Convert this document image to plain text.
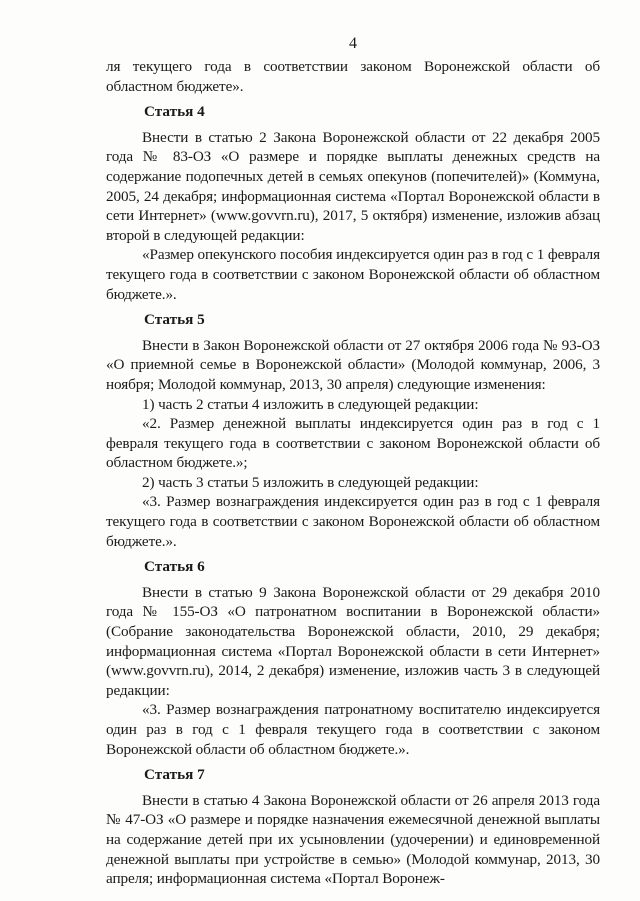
4

ля текущего года в соответствии законом Воронежской области об областном бюджете».

Статья 4

Внести в статью 2 Закона Воронежской области от 22 декабря 2005 года № 83-ОЗ «О размере и порядке выплаты денежных средств на содержание подопечных детей в семьях опекунов (попечителей)» (Коммуна, 2005, 24 декабря; информационная система «Портал Воронежской области в сети Интернет» (www.govvrn.ru), 2017, 5 октября) изменение, изложив абзац второй в следующей редакции:

«Размер опекунского пособия индексируется один раз в год с 1 февраля текущего года в соответствии с законом Воронежской области об областном бюджете.».

Статья 5

Внести в Закон Воронежской области от 27 октября 2006 года № 93-ОЗ «О приемной семье в Воронежской области» (Молодой коммунар, 2006, 3 ноября; Молодой коммунар, 2013, 30 апреля) следующие изменения:

1) часть 2 статьи 4 изложить в следующей редакции:

«2. Размер денежной выплаты индексируется один раз в год с 1 февраля текущего года в соответствии с законом Воронежской области об областном бюджете.»;

2) часть 3 статьи 5 изложить в следующей редакции:

«3. Размер вознаграждения индексируется один раз в год с 1 февраля текущего года в соответствии с законом Воронежской области об областном бюджете.».

Статья 6

Внести в статью 9 Закона Воронежской области от 29 декабря 2010 года № 155-ОЗ «О патронатном воспитании в Воронежской области» (Собрание законодательства Воронежской области, 2010, 29 декабря; информационная система «Портал Воронежской области в сети Интернет» (www.govvrn.ru), 2014, 2 декабря) изменение, изложив часть 3 в следующей редакции:

«3. Размер вознаграждения патронатному воспитателю индексируется один раз в год с 1 февраля текущего года в соответствии с законом Воронежской области об областном бюджете.».

Статья 7

Внести в статью 4 Закона Воронежской области от 26 апреля 2013 года № 47-ОЗ «О размере и порядке назначения ежемесячной денежной выплаты на содержание детей при их усыновлении (удочерении) и единовременной денежной выплаты при устройстве в семью» (Молодой коммунар, 2013, 30 апреля; информационная система «Портал Воронеж-
